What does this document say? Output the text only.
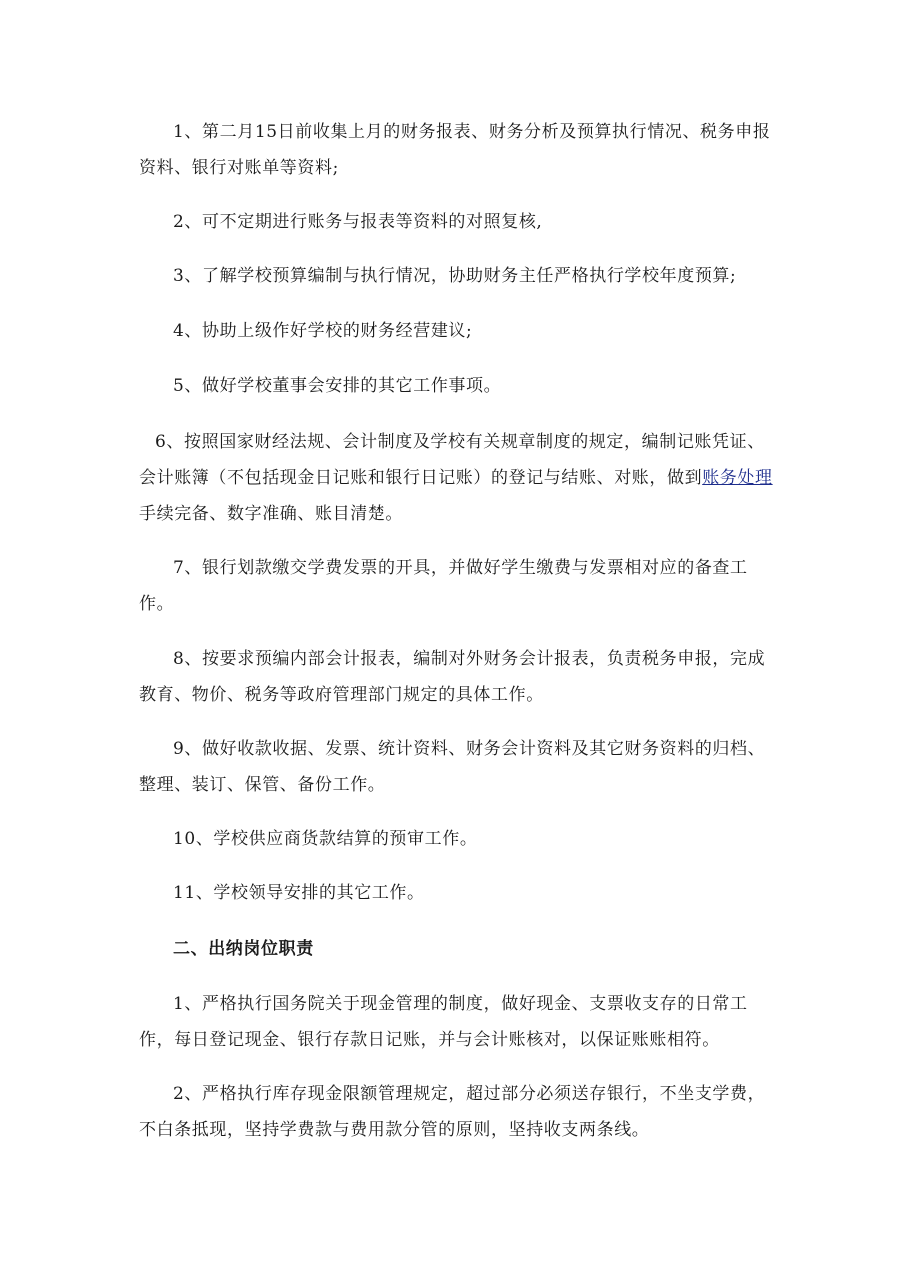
1、第二月15日前收集上月的财务报表、财务分析及预算执行情况、税务申报资料、银行对账单等资料;

2、可不定期进行账务与报表等资料的对照复核,

3、了解学校预算编制与执行情况，协助财务主任严格执行学校年度预算;

4、协助上级作好学校的财务经营建议;

5、做好学校董事会安排的其它工作事项。

6、按照国家财经法规、会计制度及学校有关规章制度的规定，编制记账凭证、会计账簿（不包括现金日记账和银行日记账）的登记与结账、对账，做到账务处理手续完备、数字准确、账目清楚。

7、银行划款缴交学费发票的开具，并做好学生缴费与发票相对应的备查工作。

8、按要求预编内部会计报表，编制对外财务会计报表，负责税务申报，完成教育、物价、税务等政府管理部门规定的具体工作。

9、做好收款收据、发票、统计资料、财务会计资料及其它财务资料的归档、整理、装订、保管、备份工作。

10、学校供应商货款结算的预审工作。

11、学校领导安排的其它工作。

二、出纳岗位职责

1、严格执行国务院关于现金管理的制度，做好现金、支票收支存的日常工作，每日登记现金、银行存款日记账，并与会计账核对，以保证账账相符。

2、严格执行库存现金限额管理规定，超过部分必须送存银行，不坐支学费，不白条抵现，坚持学费款与费用款分管的原则，坚持收支两条线。
